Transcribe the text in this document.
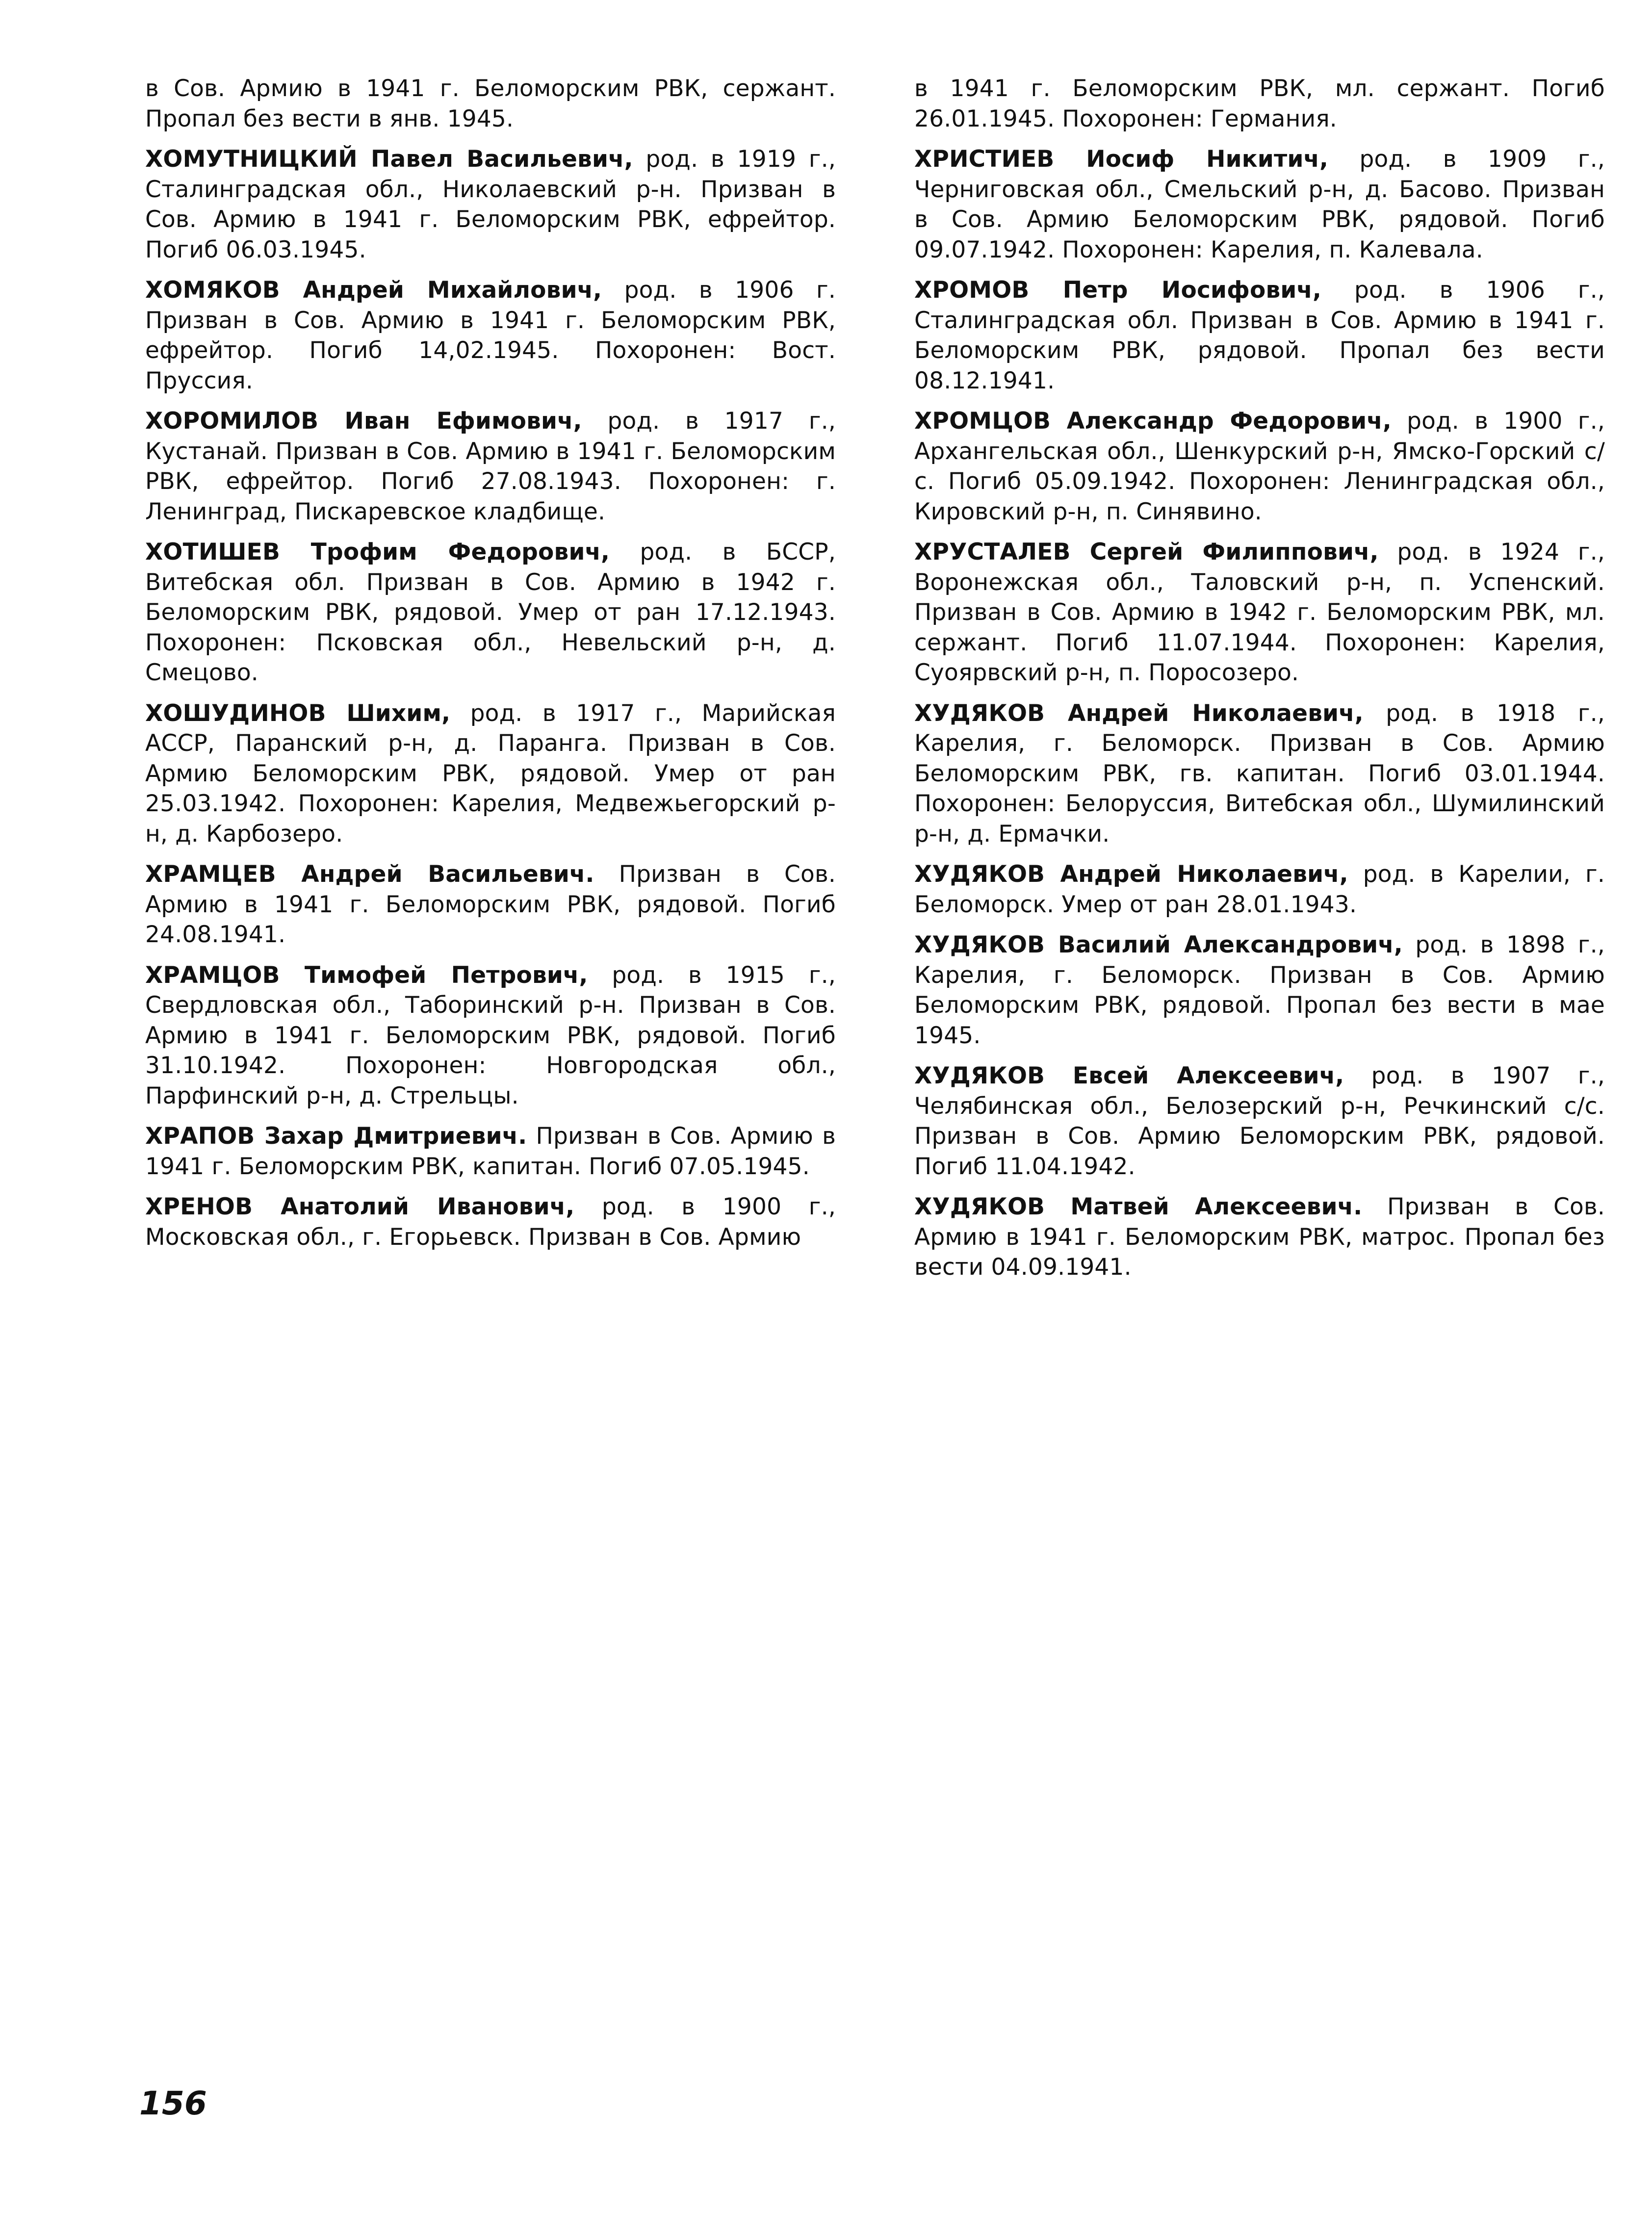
в Сов. Армию в 1941 г. Беломорским РВК, сержант. Пропал без вести в янв. 1945.

ХОМУТНИЦКИЙ Павел Васильевич, род. в 1919 г., Сталинградская обл., Николаевский р-н. Призван в Сов. Армию в 1941 г. Беломорским РВК, ефрейтор. Погиб 06.03.1945.

ХОМЯКОВ Андрей Михайлович, род. в 1906 г. Призван в Сов. Армию в 1941 г. Беломорским РВК, ефрейтор. Погиб 14,02.1945. Похоронен: Вост. Пруссия.

ХОРОМИЛОВ Иван Ефимович, род. в 1917 г., Кустанай. Призван в Сов. Армию в 1941 г. Беломорским РВК, ефрейтор. Погиб 27.08.1943. Похоронен: г. Ленинград, Пискаревское кладбище.

ХОТИШЕВ Трофим Федорович, род. в БССР, Витебская обл. Призван в Сов. Армию в 1942 г. Беломорским РВК, рядовой. Умер от ран 17.12.1943. Похоронен: Псковская обл., Невельский р-н, д. Смецово.

ХОШУДИНОВ Шихим, род. в 1917 г., Марийская АССР, Паранский р-н, д. Паранга. Призван в Сов. Армию Беломорским РВК, рядовой. Умер от ран 25.03.1942. Похоронен: Карелия, Медвежьегорский р-н, д. Карбозеро.

ХРАМЦЕВ Андрей Васильевич. Призван в Сов. Армию в 1941 г. Беломорским РВК, рядовой. Погиб 24.08.1941.

ХРАМЦОВ Тимофей Петрович, род. в 1915 г., Свердловская обл., Таборинский р-н. Призван в Сов. Армию в 1941 г. Беломорским РВК, рядовой. Погиб 31.10.1942. Похоронен: Новгородская обл., Парфинский р-н, д. Стрельцы.

ХРАПОВ Захар Дмитриевич. Призван в Сов. Армию в 1941 г. Беломорским РВК, капитан. Погиб 07.05.1945.

ХРЕНОВ Анатолий Иванович, род. в 1900 г., Московская обл., г. Егорьевск. Призван в Сов. Армию

в 1941 г. Беломорским РВК, мл. сержант. Погиб 26.01.1945. Похоронен: Германия.

ХРИСТИЕВ Иосиф Никитич, род. в 1909 г., Черниговская обл., Смельский р-н, д. Басово. Призван в Сов. Армию Беломорским РВК, рядовой. Погиб 09.07.1942. Похоронен: Карелия, п. Калевала.

ХРОМОВ Петр Иосифович, род. в 1906 г., Сталинградская обл. Призван в Сов. Армию в 1941 г. Беломорским РВК, рядовой. Пропал без вести 08.12.1941.

ХРОМЦОВ Александр Федорович, род. в 1900 г., Архангельская обл., Шенкурский р-н, Ямско-Горский с/с. Погиб 05.09.1942. Похоронен: Ленинградская обл., Кировский р-н, п. Синявино.

ХРУСТАЛЕВ Сергей Филиппович, род. в 1924 г., Воронежская обл., Таловский р-н, п. Успенский. Призван в Сов. Армию в 1942 г. Беломорским РВК, мл. сержант. Погиб 11.07.1944. Похоронен: Карелия, Суоярвский р-н, п. Поросозеро.

ХУДЯКОВ Андрей Николаевич, род. в 1918 г., Карелия, г. Беломорск. Призван в Сов. Армию Беломорским РВК, гв. капитан. Погиб 03.01.1944. Похоронен: Белоруссия, Витебская обл., Шумилинский р-н, д. Ермачки.

ХУДЯКОВ Андрей Николаевич, род. в Карелии, г. Беломорск. Умер от ран 28.01.1943.

ХУДЯКОВ Василий Александрович, род. в 1898 г., Карелия, г. Беломорск. Призван в Сов. Армию Беломорским РВК, рядовой. Пропал без вести в мае 1945.

ХУДЯКОВ Евсей Алексеевич, род. в 1907 г., Челябинская обл., Белозерский р-н, Речкинский с/с. Призван в Сов. Армию Беломорским РВК, рядовой. Погиб 11.04.1942.

ХУДЯКОВ Матвей Алексеевич. Призван в Сов. Армию в 1941 г. Беломорским РВК, матрос. Пропал без вести 04.09.1941.

156
